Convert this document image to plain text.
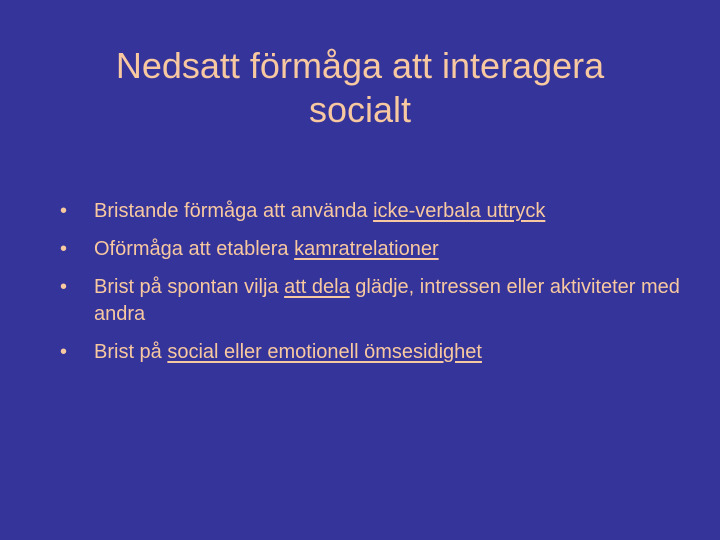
Nedsatt förmåga att interagera
socialt
• Bristande förmåga att använda icke-verbala uttryck
• Oförmåga att etablera kamratrelationer
• Brist på spontan vilja att dela glädje, intressen eller aktiviteter med andra
• Brist på social eller emotionell ömsesidighet
